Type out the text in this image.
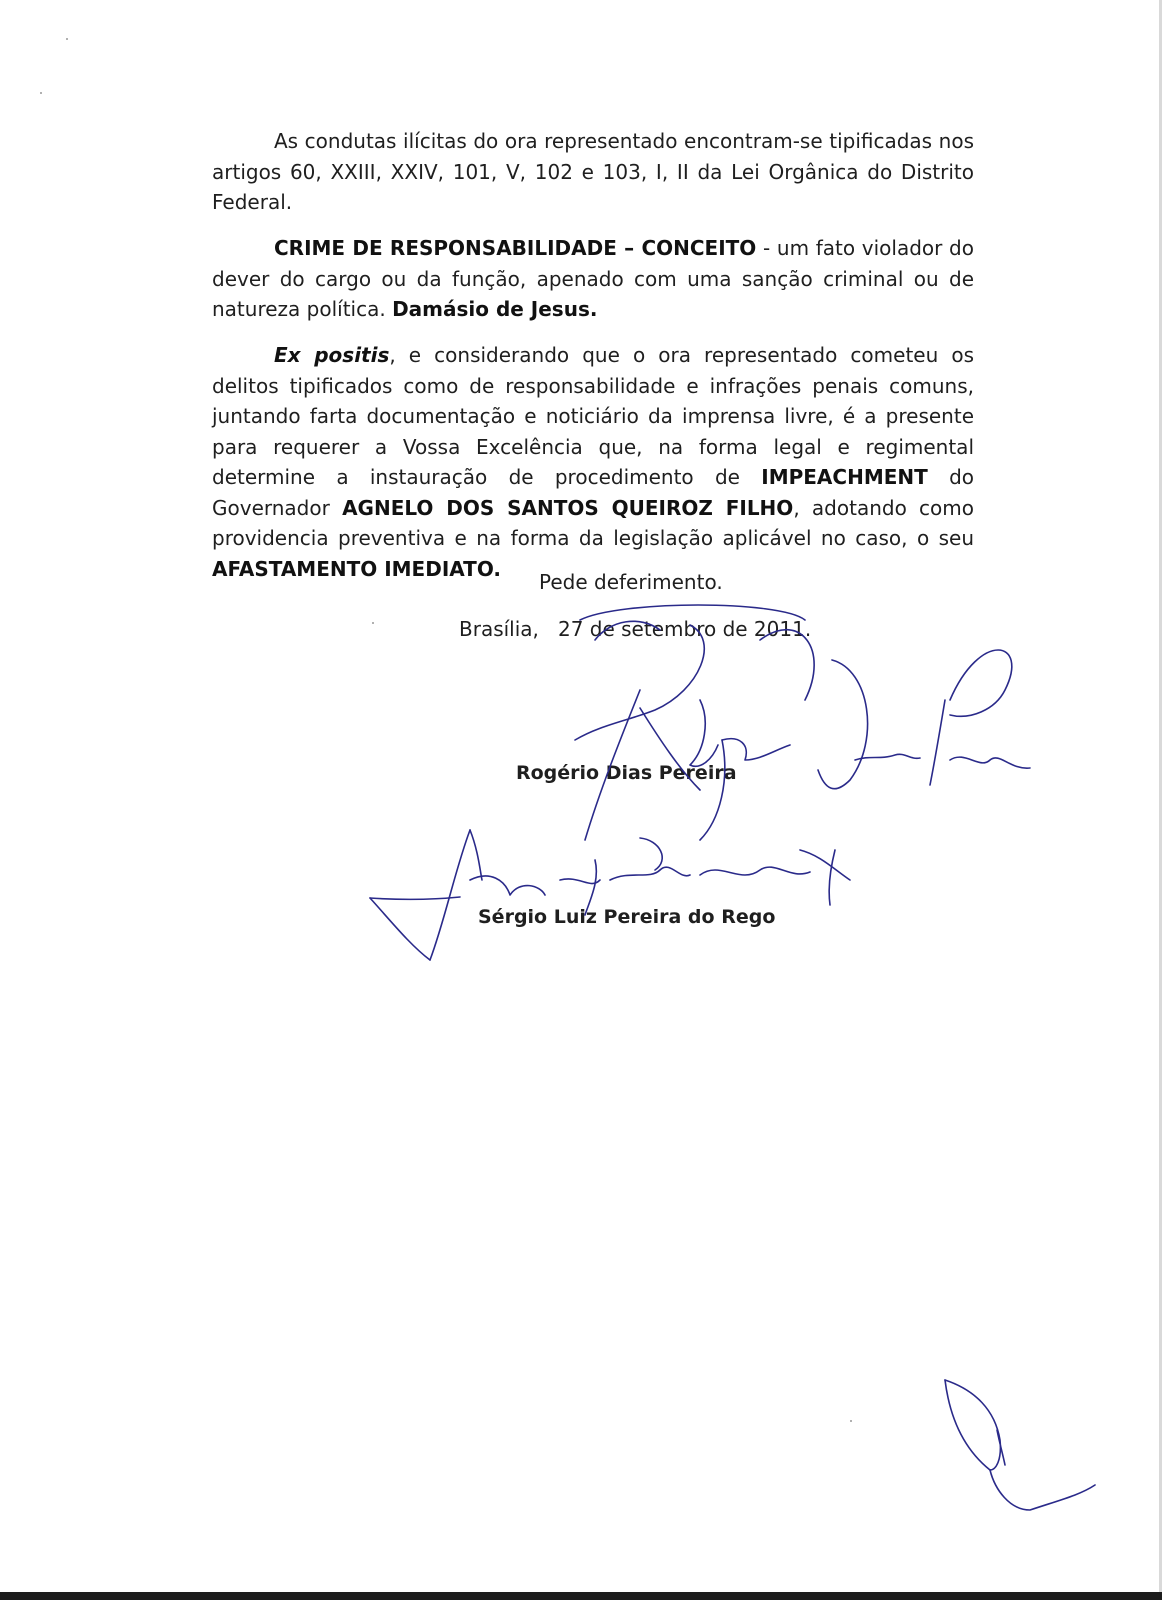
As condutas ilícitas do ora representado encontram-se tipificadas nos artigos 60, XXIII, XXIV, 101, V, 102 e 103, I, II da Lei Orgânica do Distrito Federal.

CRIME DE RESPONSABILIDADE – CONCEITO - um fato violador do dever do cargo ou da função, apenado com uma sanção criminal ou de natureza política. Damásio de Jesus.

Ex positis, e considerando que o ora representado cometeu os delitos tipificados como de responsabilidade e infrações penais comuns, juntando farta documentação e noticiário da imprensa livre, é a presente para requerer a Vossa Excelência que, na forma legal e regimental determine a instauração de procedimento de IMPEACHMENT do Governador AGNELO DOS SANTOS QUEIROZ FILHO, adotando como providencia preventiva e na forma da legislação aplicável no caso, o seu AFASTAMENTO IMEDIATO.

Pede deferimento.
Brasília,   27 de setembro de 2011.
Rogério Dias Pereira
Sérgio Luiz Pereira do Rego
